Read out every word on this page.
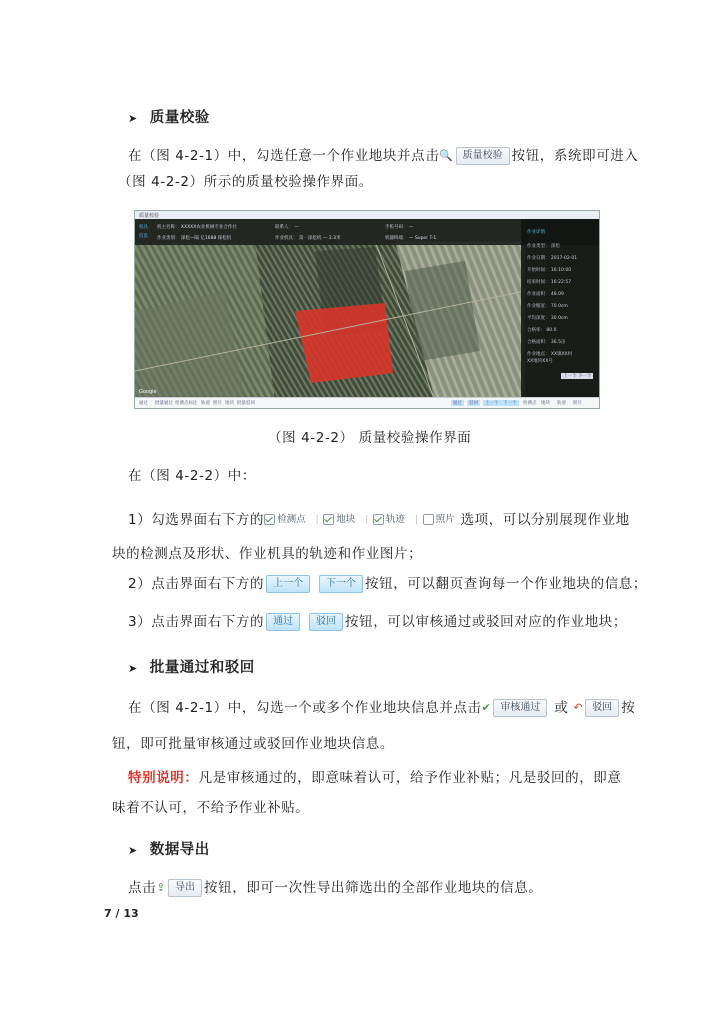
➤ 质量校验
在（图 4-2-1）中，勾选任意一个作业地块并点击🔍 质量校验 按钮，系统即可进入
（图 4-2-2）所示的质量校验操作界面。
质量校验
机具
信息
机主名称： XXXXX农业机械专业合作社	联系人： —	手机号码： —
作业类别： 深松—隔 亿1688 探松机	作业机具： 第一深松机 — 3.3米	机器终端： — Super T-1
作业详情
作业类型： 深松
作业日期： 2017-02-01
开始时间： 16:10:00
结束时间： 16:22:57
作业面积： 48.09
作业幅宽： 70.0cm
平均深度： 30.0cm
合格率： 80.0
合格面积： 36.5亩
作业地点： XX镇XX村
XX地块XX号
上一个 下一个
Google
通过 批量通过 检测点标注 轨迹 照片 地块 批量驳回	通过	驳回	上一个	下一个	检测点 地块 轨迹 照片
（图 4-2-2） 质量校验操作界面
在（图 4-2-2）中：
1）勾选界面右下方的 检测点 | 地块 | 轨迹 | 照片 选项，可以分别展现作业地
块的检测点及形状、作业机具的轨迹和作业图片；
2）点击界面右下方的 上一个 下一个 按钮，可以翻页查询每一个作业地块的信息；
3）点击界面右下方的 通过 驳回 按钮，可以审核通过或驳回对应的作业地块；
➤ 批量通过和驳回
在（图 4-2-1）中，勾选一个或多个作业地块信息并点击✔ 审核通过 或 ↶ 驳回 按
钮，即可批量审核通过或驳回作业地块信息。
特别说明：凡是审核通过的，即意味着认可，给予作业补贴；凡是驳回的，即意
味着不认可，不给予作业补贴。
➤ 数据导出
点击⇪ 导出 按钮，即可一次性导出筛选出的全部作业地块的信息。
7 / 13
